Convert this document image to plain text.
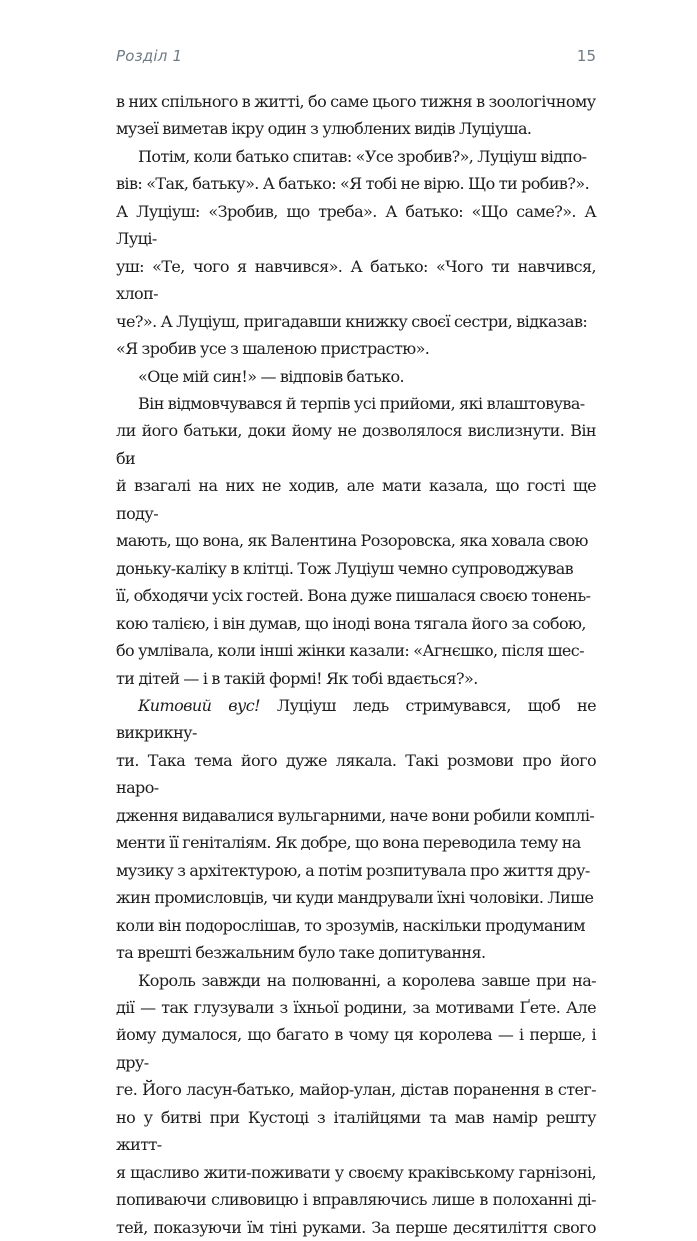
Розділ 1	15

в них спільного в житті, бо саме цього тижня в зоологічному
музеї виметав ікру один з улюблених видів Луціуша.

Потім, коли батько спитав: «Усе зробив?», Луціуш відпо-
вів: «Так, батьку». А батько: «Я тобі не вірю. Що ти робив?».
А Луціуш: «Зробив, що треба». А батько: «Що саме?». А Луці-
уш: «Те, чого я навчився». А батько: «Чого ти навчився, хлоп-
че?». А Луціуш, пригадавши книжку своєї сестри, відказав:
«Я зробив усе з шаленою пристрастю».

«Оце мій син!» — відповів батько.

Він відмовчувався й терпів усі прийоми, які влаштовува-
ли його батьки, доки йому не дозволялося вислизнути. Він би
й взагалі на них не ходив, але мати казала, що гості ще поду-
мають, що вона, як Валентина Розоровска, яка ховала свою
доньку-каліку в клітці. Тож Луціуш чемно супроводжував
її, обходячи усіх гостей. Вона дуже пишалася своєю тонень-
кою талією, і він думав, що іноді вона тягала його за собою,
бо умлівала, коли інші жінки казали: «Агнєшко, після шес-
ти дітей — і в такій формі! Як тобі вдається?».

Китовий вус! Луціуш ледь стримувався, щоб не викрикну-
ти. Така тема його дуже лякала. Такі розмови про його наро-
дження видавалися вульгарними, наче вони робили комплі-
менти її геніталіям. Як добре, що вона переводила тему на
музику з архітектурою, а потім розпитувала про життя дру-
жин промисловців, чи куди мандрували їхні чоловіки. Лише
коли він подорослішав, то зрозумів, наскільки продуманим
та врешті безжальним було таке допитування.

Король завжди на полюванні, а королева завше при на-
дії — так глузували з їхньої родини, за мотивами Ґете. Але
йому думалося, що багато в чому ця королева — і перше, і дру-
ге. Його ласун-батько, майор-улан, дістав поранення в стег-
но у битві при Кустоці з італійцями та мав намір решту житт-
я щасливо жити-поживати у своєму краківському гарнізоні,
попиваючи сливовицю і вправляючись лише в полоханні ді-
тей, показуючи їм тіні руками. За перше десятиліття свого
